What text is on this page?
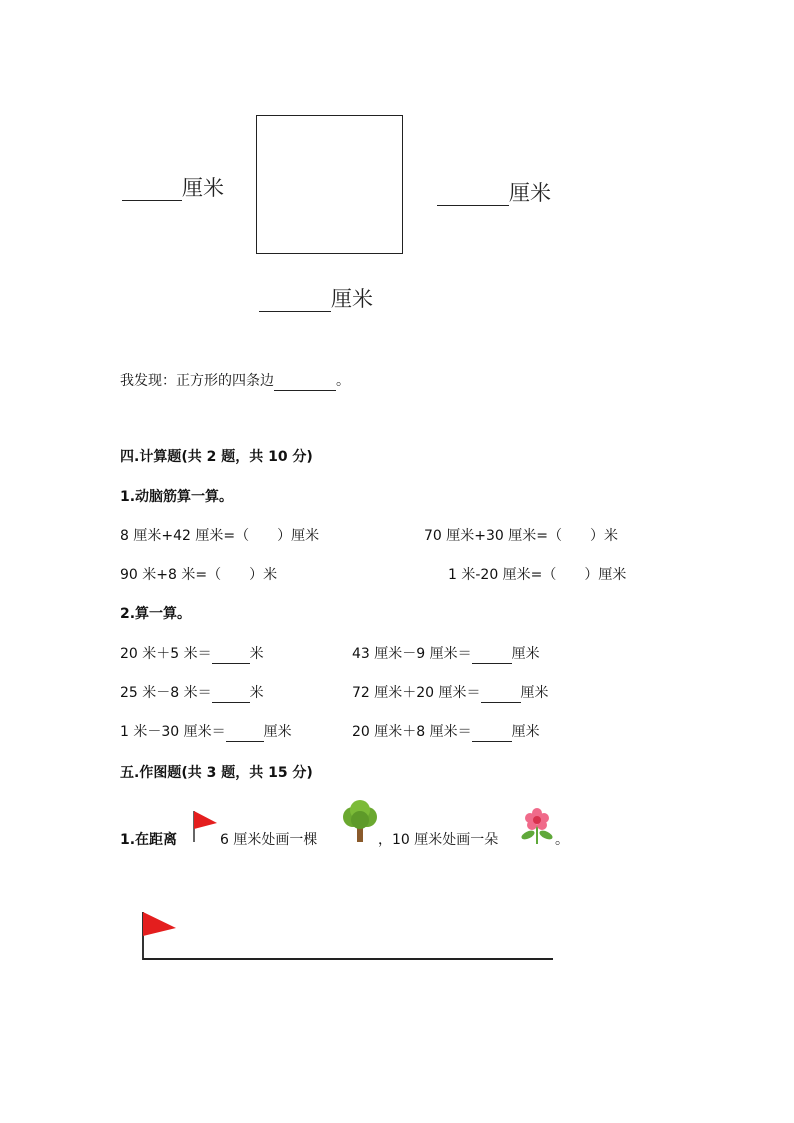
厘米	厘米
厘米
我发现：正方形的四条边	。
四.计算题(共 2 题，共 10 分)
1.动脑筋算一算。
8 厘米+42 厘米=（　　）厘米	70 厘米+30 厘米=（　　）米
90 米+8 米=（　　）米	1 米-20 厘米=（　　）厘米
2.算一算。
20 米＋5 米＝	米	43 厘米－9 厘米＝	厘米
25 米－8 米＝	米	72 厘米＋20 厘米＝	厘米
1 米－30 厘米＝	厘米	20 厘米＋8 厘米＝	厘米
五.作图题(共 3 题，共 15 分)
1.在距离	6 厘米处画一棵	，10 厘米处画一朵	。
